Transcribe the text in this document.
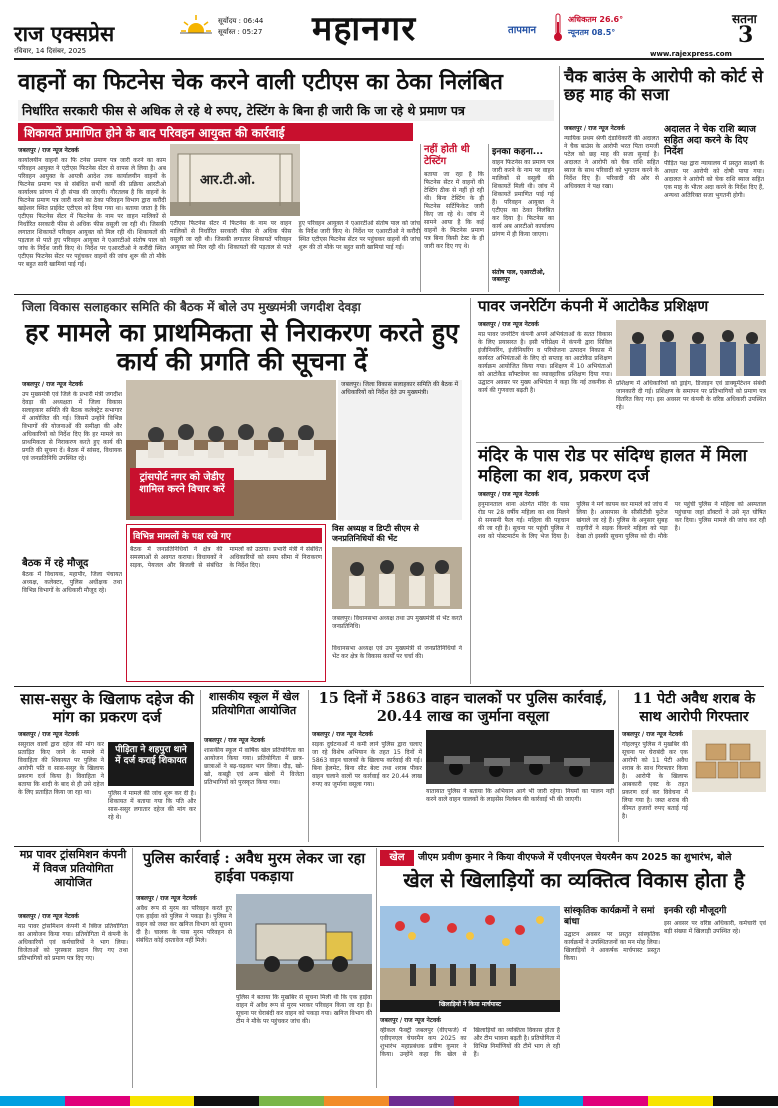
राज एक्सप्रेस
रविवार, 14 दिसंबर, 2025
सूर्योदय : 06:44
सूर्यास्त : 05:27 महानगर	तापमान
अधिकतम 26.6°
न्यूनतम 08.5°
सतना
3
www.rajexpress.com
वाहनों का फिटनेस चेक करने वाली एटीएस का ठेका निलंबित
निर्धारित सरकारी फीस से अधिक ले रहे थे रुपए, टेस्टिंग के बिना ही जारी कि जा रहे थे प्रमाण पत्र
शिकायतें प्रमाणित होने के बाद परिवहन आयुक्त की कार्रवाई
जबलपुर / राज न्यूज नेटवर्क
कार्यालयीन वाहनों का फि टनेस प्रमाण पत्र जारी करने का काम परिवहन आयुक्त ने एटीएस फिटनेस सेंटर से वापस ले लिया है। अब परिवहन आयुक्त के आयत्री आदेश तक कार्यालयीन वाहनों के फिटनेस प्रमाण पत्र से संबंधित सभी कार्यों की प्रक्रिया आरटीओ कार्यालय प्रांगण में ही संपन्न की जाएगी। गौरतलब है कि वाहनों के फिटनेस प्रमाण पत्र जारी करने का ठेका परिवहन विभाग द्वारा करौंदी खड़ेश्वर स्थित प्राईवेट एटीएस को दिया गया था। बताया जाता है कि एटीएस फिटनेस सेंटर में फिटनेस के नाम पर वाहन मालिकों से निर्धारित सरकारी फीस से अधिक फीस वसूली जा रही थी। जिसकी लगातार शिकायतें परिवहन आयुक्त को मिल रही थी। शिकायतों की पड़ताल से पाते हुए परिवहन आयुक्त ने एआरटीओ संतोष पाल को जांच के निर्देश जारी किए थे। निर्देश पर एआरटीओ ने करौंदी स्थित एटीएस फिटनेस सेंटर पर पहुंचकर वाहनों की जांच शुरू की तो मौके पर बहुत सारी खामियां पाई गईं।
आर.टी.ओ.
एटीएस फिटनेस सेंटर में फिटनेस के नाम पर वाहन मालिकों से निर्धारित सरकारी फीस से अधिक फीस वसूली जा रही थी। जिसकी लगातार शिकायतें परिवहन आयुक्त को मिल रही थी। शिकायतों की पड़ताल से पाते हुए परिवहन आयुक्त ने एआरटीओ संतोष पाल को जांच के निर्देश जारी किए थे। निर्देश पर एआरटीओ ने करौंदी स्थित एटीएस फिटनेस सेंटर पर पहुंचकर वाहनों की जांच शुरू की तो मौके पर बहुत सारी खामियां पाई गईं।
नहीं होती थी टेस्टिंग
बताया जा रहा है कि फिटनेस सेंटर में वाहनों की टेस्टिंग ठीक से नहीं हो रही थी। बिना टेस्टिंग के ही फिटनेस सर्टिफिकेट जारी किए जा रहे थे। जांच में सामने आया है कि कई वाहनों के फिटनेस प्रमाण पत्र बिना किसी टेस्ट के ही जारी कर दिए गए थे।
इनका कहना...
वाहन फिटनेस का प्रमाण पत्र जारी करने के नाम पर वाहन मालिकों से वसूली की शिकायतें मिली थी। जांच में शिकायतें प्रमाणित पाई गई हैं। परिवहन आयुक्त ने एटीएस का ठेका निलंबित कर दिया है। फिटनेस का कार्य अब आरटीओ कार्यालय प्रांगण में ही किया जाएगा।
संतोष पाल, एआरटीओ, जबलपुर
चैक बाउंस के आरोपी को कोर्ट से छह माह की सजा
जबलपुर / राज न्यूज नेटवर्क
न्यायिक प्रथम श्रेणी दंडाधिकारी की अदालत ने चैक बाउंस के आरोपी भरत पिता रामजी पटेल को छह माह की सजा सुनाई है। अदालत ने आरोपी को चैक राशि सहित ब्याज के साथ परिवादी को भुगतान करने के निर्देश दिए हैं। परिवादी की ओर से अधिवक्ता ने पक्ष रखा।
अदालत ने चेक राशि ब्याज सहित अदा करने के दिए निर्देश
पीड़ित पक्ष द्वारा न्यायालय में प्रस्तुत साक्ष्यों के आधार पर आरोपी को दोषी पाया गया। अदालत ने आरोपी को चेक राशि ब्याज सहित एक माह के भीतर अदा करने के निर्देश दिए हैं, अन्यथा अतिरिक्त सजा भुगतनी होगी।
जिला विकास सलाहकार समिति की बैठक में बोले उप मुख्यमंत्री जगदीश देवड़ा
हर मामले का प्राथमिकता से निराकरण करते हुए कार्य की प्रगति की सूचना दें
जबलपुर / राज न्यूज नेटवर्क
उप मुख्यमंत्री एवं जिले के प्रभारी मंत्री जगदीश देवड़ा की अध्यक्षता में जिला विकास सलाहकार समिति की बैठक कलेक्ट्रेट सभागार में आयोजित की गई। जिसमें उन्होंने विभिन्न विभागों की योजनाओं की समीक्षा की और अधिकारियों को निर्देश दिए कि हर मामले का प्राथमिकता से निराकरण करते हुए कार्य की प्रगति की सूचना दें। बैठक में सांसद, विधायक एवं जनप्रतिनिधि उपस्थित रहे।
बैठक में रहे मौजूद
बैठक में विधायक, महापौर, जिला पंचायत अध्यक्ष, कलेक्टर, पुलिस अधीक्षक तथा विभिन्न विभागों के अधिकारी मौजूद रहे।
ट्रांसपोर्ट नगर को जेडीए शामिल करने विचार करें
जबलपुर। जिला विकास सलाहकार समिति की बैठक में अधिकारियों को निर्देश देते उप मुख्यमंत्री।
विभिन्न मामलों के पक्ष रखे गए
बैठक में जनप्रतिनिधियों ने क्षेत्र की समस्याओं से अवगत कराया। विधायकों ने सड़क, पेयजल और बिजली से संबंधित मामलों को उठाया। प्रभारी मंत्री ने संबंधित अधिकारियों को समय सीमा में निराकरण के निर्देश दिए।
विस अध्यक्ष व डिप्टी सीएम से जनप्रतिनिधियों की भेंट
जबलपुर। विधानसभा अध्यक्ष तथा उप मुख्यमंत्री से भेंट करते जनप्रतिनिधि।
विधानसभा अध्यक्ष एवं उप मुख्यमंत्री से जनप्रतिनिधियों ने भेंट कर क्षेत्र के विकास कार्यों पर चर्चा की।
पावर जनरेटिंग कंपनी में आटोकैड प्रशिक्षण
जबलपुर / राज न्यूज नेटवर्क
मप्र पावर जनरेटिंग कंपनी अपने अभियंताओं के सतत विकास के लिए प्रयासरत है। इसी परिप्रेक्ष्य में कंपनी द्वारा सिविल इंजीनियरिंग, इंजीनियरिंग व परियोजना उत्पादन निकास में कार्यरत अभियंताओं के लिए दो सप्ताह का आटोकैड प्रशिक्षण कार्यक्रम आयोजित किया गया। प्रशिक्षण में 10 अभियंताओं को आटोकैड सॉफ्टवेयर का व्यावहारिक प्रशिक्षण दिया गया। उद्घाटन अवसर पर मुख्य अभियंता ने कहा कि नई तकनीक से कार्य की गुणवत्ता बढ़ती है।
प्रशिक्षण में अधिकारियों को ड्राइंग, डिजाइन एवं डाक्यूमेंटेशन संबंधी जानकारी दी गई। प्रशिक्षण के समापन पर प्रतिभागियों को प्रमाण पत्र वितरित किए गए। इस अवसर पर कंपनी के वरिष्ठ अधिकारी उपस्थित रहे।
मंदिर के पास रोड पर संदिग्ध हालत में मिला महिला का शव, प्रकरण दर्ज
जबलपुर / राज न्यूज नेटवर्क
हनुमानताल थाना अंतर्गत मंदिर के पास रोड पर 28 वर्षीय महिला का शव मिलने से सनसनी फैल गई। महिला की पहचान की जा रही है। सूचना पर पहुंची पुलिस ने शव को पोस्टमार्टम के लिए भेज दिया है। पुलिस ने मर्ग कायम कर मामले को जांच में लिया है। आसपास के सीसीटीवी फुटेज खंगाले जा रहे हैं। पुलिस के अनुसार सुबह राहगीरों ने सड़क किनारे महिला को पड़ा देखा तो इसकी सूचना पुलिस को दी। मौके पर पहुंची पुलिस ने महिला को अस्पताल पहुंचाया जहां डॉक्टरों ने उसे मृत घोषित कर दिया। पुलिस मामले की जांच कर रही है।
सास-ससुर के खिलाफ दहेज की मांग का प्रकरण दर्ज
जबलपुर / राज न्यूज नेटवर्क
पीड़िता ने शहपुरा थाने में दर्ज कराई शिकायत
ससुराल वालों द्वारा दहेज की मांग कर प्रताड़ित किए जाने के मामले में विवाहिता की शिकायत पर पुलिस ने आरोपी पति व सास-ससुर के खिलाफ प्रकरण दर्ज किया है। विवाहिता ने बताया कि शादी के बाद से ही उसे दहेज के लिए प्रताड़ित किया जा रहा था।	पुलिस ने मामले की जांच शुरू कर दी है। शिकायत में बताया गया कि पति और सास-ससुर लगातार दहेज की मांग कर रहे थे।
शासकीय स्कूल में खेल प्रतियोगिता आयोजित
जबलपुर / राज न्यूज नेटवर्क
शासकीय स्कूल में वार्षिक खेल प्रतियोगिता का आयोजन किया गया। प्रतियोगिता में छात्र-छात्राओं ने बढ़-चढ़कर भाग लिया। दौड़, खो-खो, कबड्डी एवं अन्य खेलों में विजेता प्रतिभागियों को पुरस्कृत किया गया।
15 दिनों में 5863 वाहन चालकों पर पुलिस कार्रवाई, 20.44 लाख का जुर्माना वसूला
जबलपुर / राज न्यूज नेटवर्क
सड़क दुर्घटनाओं में कमी लाने पुलिस द्वारा चलाए जा रहे विशेष अभियान के तहत 15 दिनों में 5863 वाहन चालकों के खिलाफ कार्रवाई की गई। बिना हेलमेट, बिना सीट बेल्ट तथा शराब पीकर वाहन चलाने वालों पर कार्रवाई कर 20.44 लाख रुपए का जुर्माना वसूला गया।
यातायात पुलिस ने बताया कि अभियान आगे भी जारी रहेगा। नियमों का पालन नहीं करने वाले वाहन चालकों के लाइसेंस निलंबन की कार्रवाई भी की जाएगी।
11 पेटी अवैध शराब के साथ आरोपी गिरफ्तार
जबलपुर / राज न्यूज नेटवर्क
गोहलपुर पुलिस ने मुखबिर की सूचना पर घेराबंदी कर एक आरोपी को 11 पेटी अवैध शराब के साथ गिरफ्तार किया है। आरोपी के खिलाफ आबकारी एक्ट के तहत प्रकरण दर्ज कर विवेचना में लिया गया है। जब्त शराब की कीमत हजारों रुपए बताई गई है।
मप्र पावर ट्रांसमिशन कंपनी में विवज प्रतियोगिता आयोजित
जबलपुर / राज न्यूज नेटवर्क
मप्र पावर ट्रांसमिशन कंपनी में क्विज प्रतियोगिता का आयोजन किया गया। प्रतियोगिता में कंपनी के अधिकारियों एवं कर्मचारियों ने भाग लिया। विजेताओं को पुरस्कार प्रदान किए गए तथा प्रतिभागियों को प्रमाण पत्र दिए गए।
पुलिस कार्रवाई : अवैध मुरम लेकर जा रहा हाईवा पकड़ाया
जबलपुर / राज न्यूज नेटवर्क
अवैध रूप से मुरम का परिवहन करते हुए एक हाईवा को पुलिस ने पकड़ा है। पुलिस ने वाहन को जब्त कर खनिज विभाग को सूचना दी है। चालक के पास मुरम परिवहन से संबंधित कोई दस्तावेज नहीं मिले।
पुलिस ने बताया कि मुखबिर से सूचना मिली थी कि एक हाईवा वाहन में अवैध रूप से मुरम भरकर परिवहन किया जा रहा है। सूचना पर घेराबंदी कर वाहन को पकड़ा गया। खनिज विभाग की टीम ने मौके पर पहुंचकर जांच की।
खेल	जीएम प्रवीण कुमार ने किया वीएफजे में एवीएनएल चेयरमैन कप 2025 का शुभारंभ, बोले
खेल से खिलाड़ियों का व्यक्तित्व विकास होता है
खिलाड़ियों ने किया मार्चपास्ट
जबलपुर / राज न्यूज नेटवर्क
व्हीकल फैक्ट्री जबलपुर (वीएफजे) में एवीएनएल चेयरमैन कप 2025 का शुभारंभ महाप्रबंधक प्रवीण कुमार ने किया। उन्होंने कहा कि खेल से खिलाड़ियों का व्यक्तित्व विकास होता है और टीम भावना बढ़ती है। प्रतियोगिता में विभिन्न निर्माणियों की टीमें भाग ले रही हैं।
सांस्कृतिक कार्यक्रमों ने समां बांधा
उद्घाटन अवसर पर प्रस्तुत सांस्कृतिक कार्यक्रमों ने उपस्थितजनों का मन मोह लिया। खिलाड़ियों ने आकर्षक मार्चपास्ट प्रस्तुत किया।
इनकी रही मौजूदगी
इस अवसर पर वरिष्ठ अधिकारी, कर्मचारी एवं बड़ी संख्या में खिलाड़ी उपस्थित रहे।
